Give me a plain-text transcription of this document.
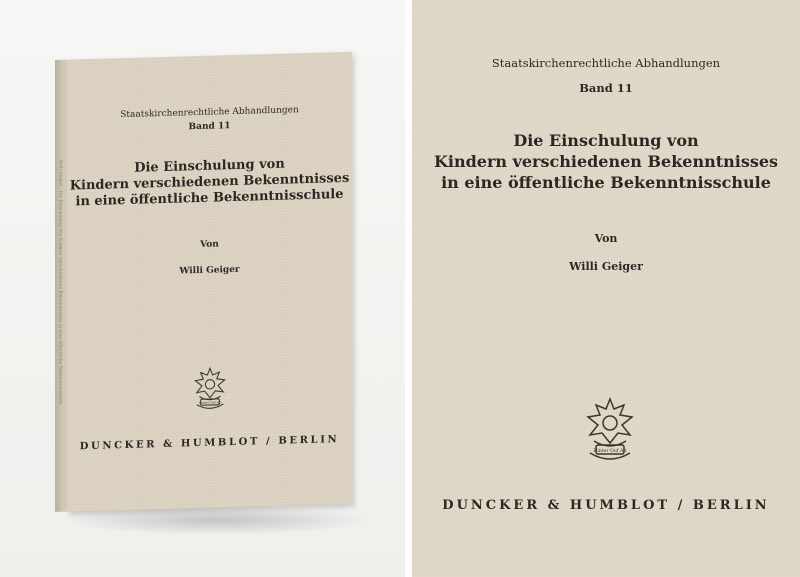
Willi Geiger · Die Einschulung von Kindern verschiedenen Bekenntnisses in eine öffentliche Bekenntnisschule
Staatskirchenrechtliche Abhandlungen
Band 11
Die Einschulung von
Kindern verschiedenen Bekenntnisses
in eine öffentliche Bekenntnisschule
Von
Willi Geiger
Hinter Ouf Alt
DUNCKER & HUMBLOT / BERLIN
Staatskirchenrechtliche Abhandlungen
Band 11
Die Einschulung von
Kindern verschiedenen Bekenntnisses
in eine öffentliche Bekenntnisschule
Von
Willi Geiger
Hinter Ouf Alt
DUNCKER & HUMBLOT / BERLIN
